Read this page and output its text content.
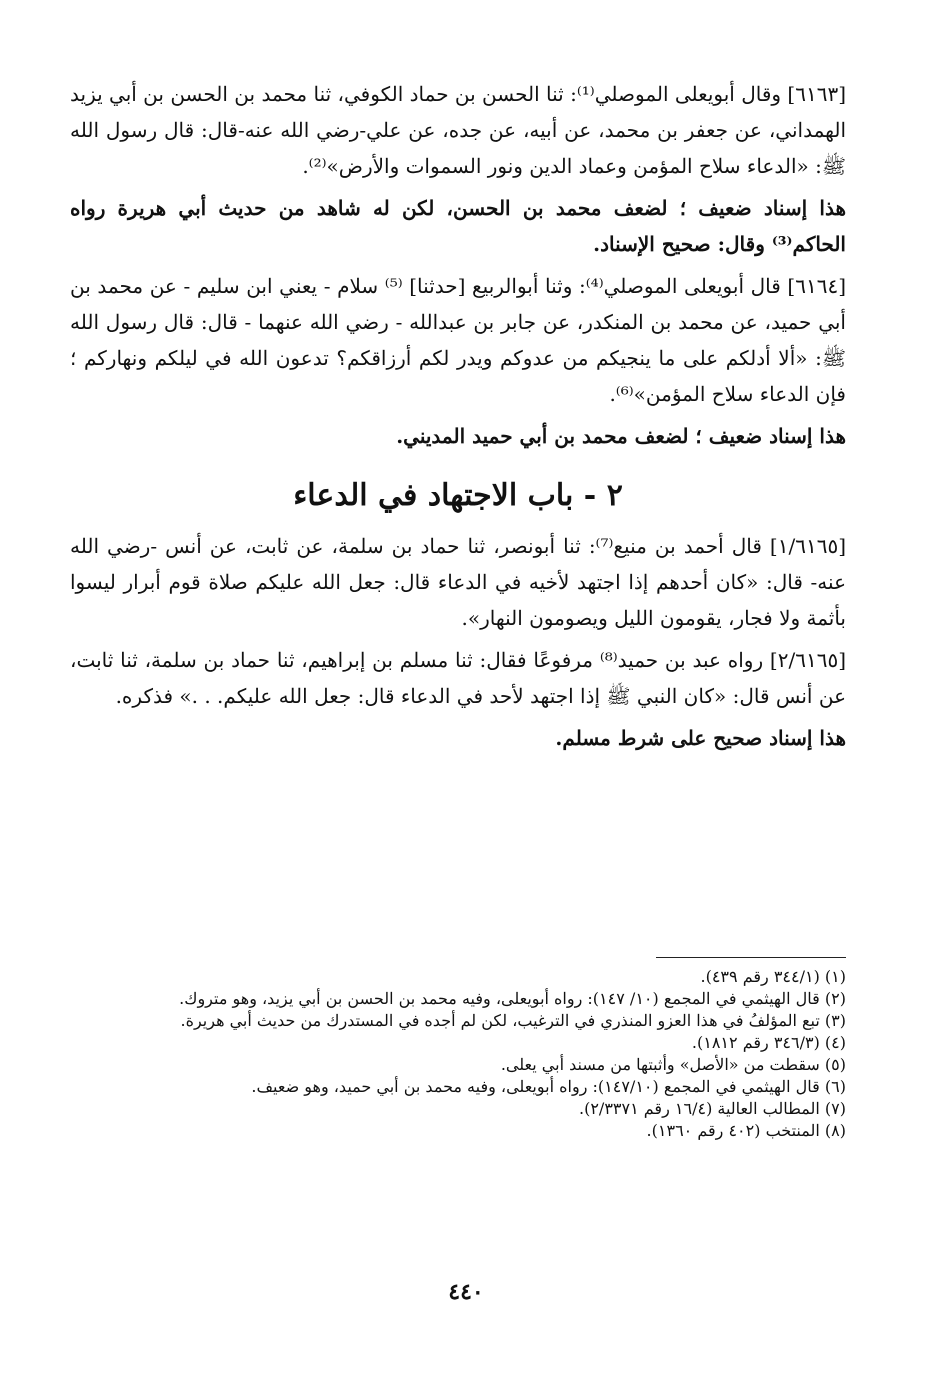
[٦١٦٣] وقال أبويعلى الموصلي⁽¹⁾: ثنا الحسن بن حماد الكوفي، ثنا محمد بن الحسن بن أبي يزيد الهمداني، عن جعفر بن محمد، عن أبيه، عن جده، عن علي-رضي الله عنه-قال: قال رسول الله ﷺ: «الدعاء سلاح المؤمن وعماد الدين ونور السموات والأرض»⁽²⁾.

هذا إسناد ضعيف ؛ لضعف محمد بن الحسن، لكن له شاهد من حديث أبي هريرة رواه الحاكم⁽³⁾ وقال: صحيح الإسناد.

[٦١٦٤] قال أبويعلى الموصلي⁽⁴⁾: وثنا أبوالربيع [حدثنا] ⁽⁵⁾ سلام - يعني ابن سليم - عن محمد بن أبي حميد، عن محمد بن المنكدر، عن جابر بن عبدالله - رضي الله عنهما - قال: قال رسول الله ﷺ: «ألا أدلكم على ما ينجيكم من عدوكم ويدر لكم أرزاقكم؟ تدعون الله في ليلكم ونهاركم ؛ فإن الدعاء سلاح المؤمن»⁽⁶⁾.

هذا إسناد ضعيف ؛ لضعف محمد بن أبي حميد المديني.

٢ - باب الاجتهاد في الدعاء

[١/٦١٦٥] قال أحمد بن منيع⁽⁷⁾: ثنا أبونصر، ثنا حماد بن سلمة، عن ثابت، عن أنس -رضي الله عنه- قال: «كان أحدهم إذا اجتهد لأخيه في الدعاء قال: جعل الله عليكم صلاة قوم أبرار ليسوا بأثمة ولا فجار، يقومون الليل ويصومون النهار».

[٢/٦١٦٥] رواه عبد بن حميد⁽⁸⁾ مرفوعًا فقال: ثنا مسلم بن إبراهيم، ثنا حماد بن سلمة، ثنا ثابت، عن أنس قال: «كان النبي ﷺ إذا اجتهد لأحد في الدعاء قال: جعل الله عليكم. . .» فذكره.

هذا إسناد صحيح على شرط مسلم.

(١) (٣٤٤/١ رقم ٤٣٩).

(٢) قال الهيثمي في المجمع (١٠/ ١٤٧): رواه أبويعلى، وفيه محمد بن الحسن بن أبي يزيد، وهو متروك.

(٣) تبع المؤلفُ في هذا العزو المنذري في الترغيب، لكن لم أجده في المستدرك من حديث أبي هريرة.

(٤) (٣٤٦/٣ رقم ١٨١٢).

(٥) سقطت من «الأصل» وأثبتها من مسند أبي يعلى.

(٦) قال الهيثمي في المجمع (١٤٧/١٠): رواه أبويعلى، وفيه محمد بن أبي حميد، وهو ضعيف.

(٧) المطالب العالية (١٦/٤ رقم ٢/٣٣٧١).

(٨) المنتخب (٤٠٢ رقم ١٣٦٠).

٤٤٠
